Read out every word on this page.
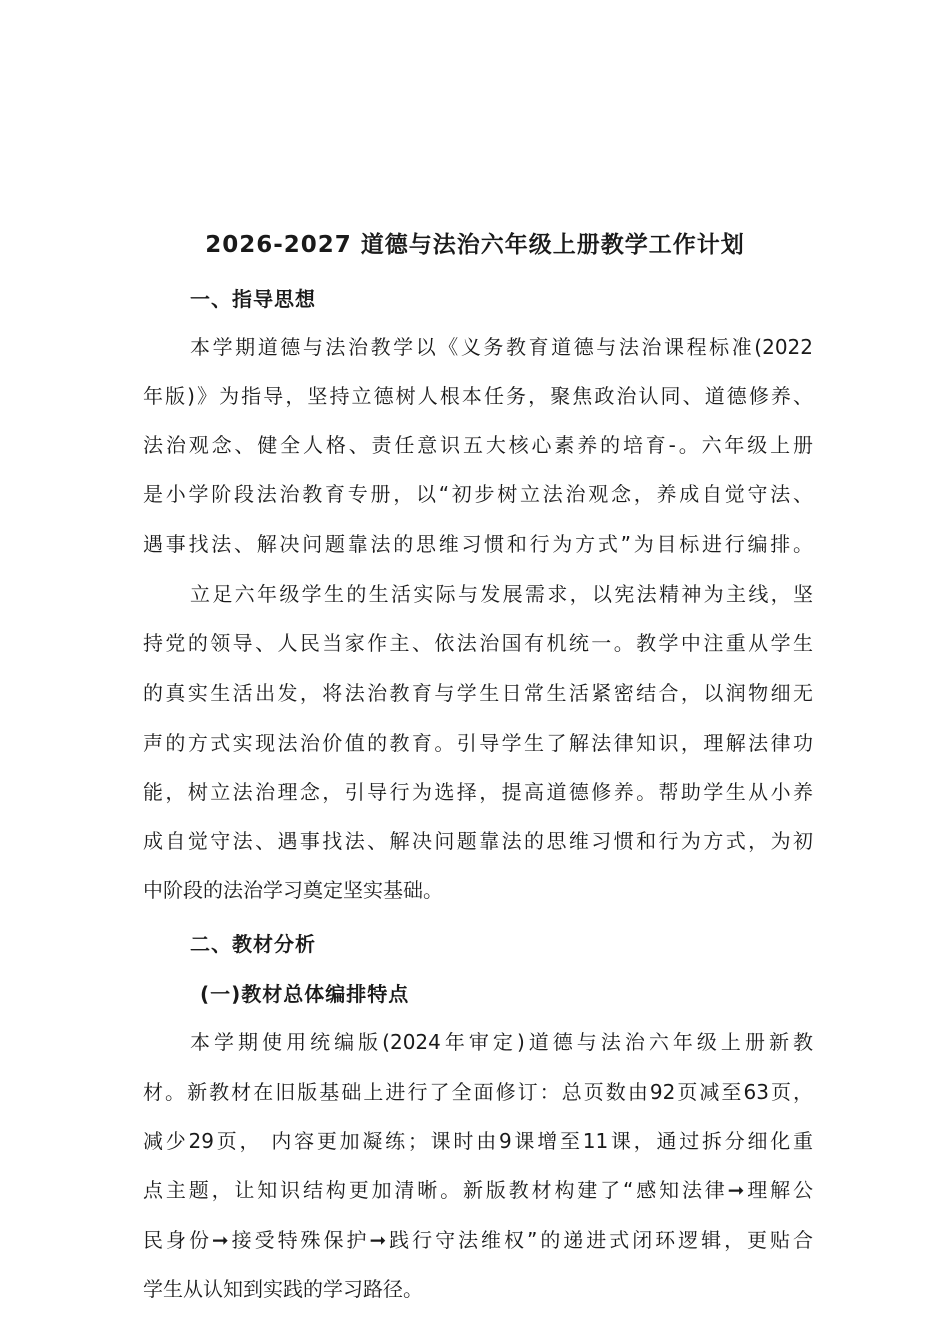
2026-2027 道德与法治六年级上册教学工作计划
一、指导思想
本学期道德与法治教学以《义务教育道德与法治课程标准(2022
年版)》为指导，坚持立德树人根本任务，聚焦政治认同、道德修养、
法治观念、健全人格、责任意识五大核心素养的培育-。六年级上册
是小学阶段法治教育专册，以“初步树立法治观念，养成自觉守法、
遇事找法、解决问题靠法的思维习惯和行为方式”为目标进行编排。
立足六年级学生的生活实际与发展需求，以宪法精神为主线，坚
持党的领导、人民当家作主、依法治国有机统一。教学中注重从学生
的真实生活出发，将法治教育与学生日常生活紧密结合，以润物细无
声的方式实现法治价值的教育。引导学生了解法律知识，理解法律功
能，树立法治理念，引导行为选择，提高道德修养。帮助学生从小养
成自觉守法、遇事找法、解决问题靠法的思维习惯和行为方式，为初
中阶段的法治学习奠定坚实基础。
二、教材分析
(一)教材总体编排特点
本学期使用统编版(2024年审定)道德与法治六年级上册新教
材。新教材在旧版基础上进行了全面修订：总页数由92页减至63页，
减少29页， 内容更加凝练；课时由9课增至11课，通过拆分细化重
点主题，让知识结构更加清晰。新版教材构建了“感知法律➞理解公
民身份➞接受特殊保护➞践行守法维权”的递进式闭环逻辑，更贴合
学生从认知到实践的学习路径。
